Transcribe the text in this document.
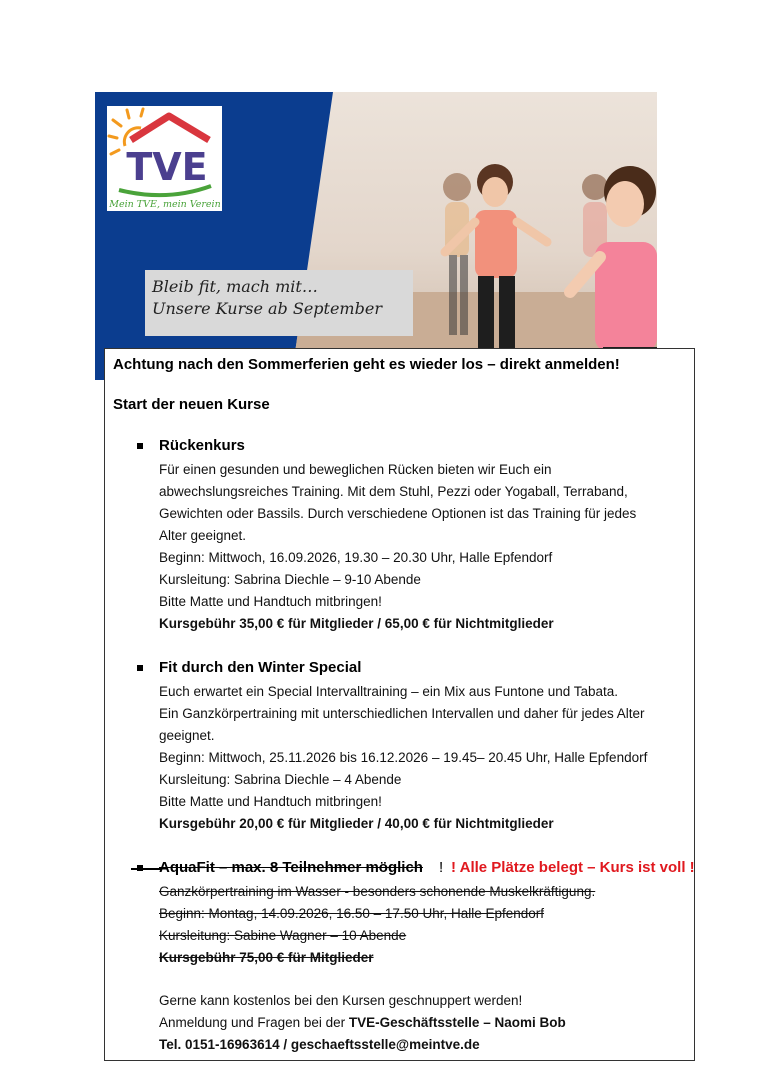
TVE
Mein TVE, mein Verein
Bleib fit, mach mit…
Unsere Kurse ab September
Achtung nach den Sommerferien geht es wieder los – direkt anmelden!
Start der neuen Kurse
Rückenkurs
Für einen gesunden und beweglichen Rücken bieten wir Euch ein
abwechslungsreiches Training. Mit dem Stuhl, Pezzi oder Yogaball, Terraband,
Gewichten oder Bassils. Durch verschiedene Optionen ist das Training für jedes
Alter geeignet.
Beginn: Mittwoch, 16.09.2026, 19.30 – 20.30 Uhr, Halle Epfendorf
Kursleitung: Sabrina Diechle – 9-10 Abende
Bitte Matte und Handtuch mitbringen!
Kursgebühr 35,00 € für Mitglieder / 65,00 € für Nichtmitglieder
Fit durch den Winter Special
Euch erwartet ein Special Intervalltraining – ein Mix aus Funtone und Tabata.
Ein Ganzkörpertraining mit unterschiedlichen Intervallen und daher für jedes Alter
geeignet.
Beginn: Mittwoch, 25.11.2026 bis 16.12.2026 – 19.45– 20.45 Uhr, Halle Epfendorf
Kursleitung: Sabrina Diechle – 4 Abende
Bitte Matte und Handtuch mitbringen!
Kursgebühr 20,00 € für Mitglieder / 40,00 € für Nichtmitglieder
AquaFit – max. 8 Teilnehmer möglich ! ! Alle Plätze belegt – Kurs ist voll !
Ganzkörpertraining im Wasser - besonders schonende Muskelkräftigung.
Beginn: Montag, 14.09.2026, 16.50 – 17.50 Uhr, Halle Epfendorf
Kursleitung: Sabine Wagner – 10 Abende
Kursgebühr 75,00 € für Mitglieder
Gerne kann kostenlos bei den Kursen geschnuppert werden!
Anmeldung und Fragen bei der TVE-Geschäftsstelle – Naomi Bob
Tel. 0151-16963614 / geschaeftsstelle@meintve.de
